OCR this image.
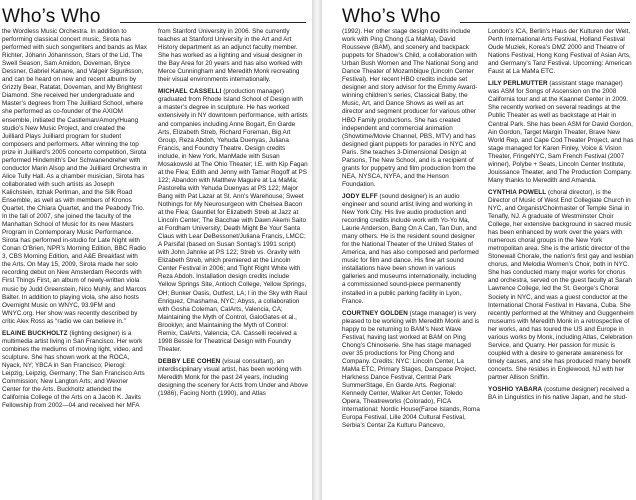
Who’s Who

the Wordless Music Orchestra. In addition to performing classical concert music, Sirota has performed with such songwriters and bands as Max Richter, Jóhann Jóhannsson, Stars of the Lid, The Swell Season, Sam Amidon, Doveman, Bryce Dessner, Gabriel Kahane, and Valgeir Sigurðsson, and can be heard on new and recent albums by Grizzly Bear, Ratatat, Doveman, and My Brightest Diamond. She received her undergraduate and Master’s degrees from The Juilliard School, where she performed as co-founder of the AXIOM ensemble, initiated the Castleman/Amory/Huang studio’s New Music Project, and created the Juilliard Plays Juilliard program for student composers and performers. After winning the top prize in Juilliard’s 2005 concerto competition, Sirota performed Hindemith’s Der Schwanendreher with conductor Marin Alsop and the Juilliard Orchestra in Alice Tully Hall. As a chamber musician, Sirota has collaborated with such artists as Joseph Kalichstein, Itzhak Perlman, and the Silk Road Ensemble, as well as with members of Kronos Quartet, the Chiara Quartet, and the Peabody Trio. In the fall of 2007, she joined the faculty of the Manhattan School of Music for its new Masters Program in Contemporary Music Performance. Sirota has performed in-studio for Late Night with Conan O’Brien, NPR’s Morning Edition, BBC Radio 3, CBS Morning Edition, and A&E Breakfast with the Arts. On May 15, 2009, Sirota made her solo recording debut on New Amsterdam Records with First Things First, an album of newly-written viola music by Judd Greenstein, Nico Muhly, and Marcos Balter. In addition to playing viola, she also hosts Overnight Music on WNYC, 93.9FM and WNYC.org. Her show was recently described by critic Alex Ross as “radio we can believe in.”

ELAINE BUCKHOLTZ (lighting designer) is a multimedia artist living in San Francisco. Her work combines the mediums of moving light, video, and sculpture. She has shown work at the ROCA, Nyack, NY; YBCA in San Francisco; Pierogi: Leipzig, Leipzig, Germany; The San Francisco Arts Commission; New Langton Arts; and Wexner Center for the Arts. Buckholtz attended the California College of the Arts on a Jacob K. Javits Fellowship from 2002—04 and received her MFA

from Stanford University in 2006. She currently teaches at Stanford University in the Art and Art History department as an adjunct faculty member. She has worked as a lighting and visual designer in the Bay Area for 20 years and has also worked with Merce Cunningham and Meredith Monk recreating their visual environments internationally.

MICHAEL CASSELLI (production manager) graduated from Rhode Island School of Design with a master’s degree in sculpture. He has worked extensively in NY downtown performance, with artists and companies including Anne Bogart, En Garde Arts, Elizabeth Streb, Richard Foreman, Big Art Group, Reza Abdoh, Yehuda Duenyas, Juliana Francis, and Foundry Theatre. Design credits include, in New York, ManMade with Susan Mosakowski at The Ohio Theater; I.E. with Kip Fagan at the Flea; Edith and Jenny with Tamar Rogoff at PS 122; Abandon with Matthew Maguire at La MaMa; Pastorella with Yehuda Duenyas at PS 122; Major Bang with Pat Lazar at St. Ann’s Warehouse; Sweet Nothings for My Neurosurgeon with Chelsea Bacon at the Flea; Gauntlet for Elizabeth Streb at Jazz at Lincoln Center; The Bacchae with Dawn Akemi Saito at Fordham University; Death Might Be Your Santa Claus with Lear DeBessonet/Juliana Francis, LMCC; A Parsifal (based on Susan Sontag’s 1991 script) with John Jahnke at PS 122; Streb vs. Gravity with Elizabeth Streb, which premiered at the Lincoln Center Festival in 2006; and Tight Right White with Reza Abdoh. Installation design credits include Yellow Springs Site, Antioch College, Yellow Springs, OH; Bunker Oasis, Outfest, LA; I in the Sky with Raul Enriquez, Chashama, NYC; Abyss, a collaboration with Gosha Coleman, CalArts, Valencia, CA; Maintaining the Myth of Control, GaloGates et al., Brooklyn; and Maintaining the Myth of Control: Remix, CalArts, Valencia, CA. Casselli received a 1998 Bessie for Theatrical Design with Foundry Theater.

DEBBY LEE COHEN (visual consultant), an interdisciplinary visual artist, has been working with Meredith Monk for the past 24 years, including designing the scenery for Acts from Under and Above (1986), Facing North (1990), and Atlas

Who’s Who

(1992). Her other stage design credits include work with Ping Chong (La MaMa), David Rousseve (BAM), and scenery and backpack puppets for Shadow’s Child, a collaboration with Urban Bush Women and The National Song and Dance Theater of Mozambique (Lincoln Center Festival). Her recent HBO credits include set designer and story advisor for the Emmy Award-winning children’s series, Classical Baby, the Music, Art, and Dance Shows as well as art director and segment producer for various other HBO Family productions. She has created independent and commercial animation (Showtime/Movie Channel, PBS, MTV) and has designed giant puppets for parades in NYC and Paris. She teaches 3-Dimensional Design at Parsons, The New School, and is a recipient of grants for puppetry and film production from the NEA, NYSCA, NYFA, and the Henson Foundation.

JODY ELFF (sound designer) is an audio engineer and sound artist living and working in New York City. His live audio production and recording credits include work with Yo-Yo Ma, Laurie Anderson, Bang On A Can, Tan Dun, and many others. He is the resident sound designer for the National Theater of the United States of America, and has also composed and performed music for film and dance. His fine art sound installations have been shown in various galleries and museums internationally, including a commissioned sound-piece permanently installed in a public parking facility in Lyon, France.

COURTNEY GOLDEN (stage manager) is very pleased to be working with Meredith Monk and is happy to be returning to BAM’s Next Wave Festival, having last worked at BAM on Ping Chong’s Chinoiserie. She has stage managed over 35 productions for Ping Chong and Company. Credits: NYC: Lincoln Center, La MaMa ETC, Primary Stages, Danspace Project, Harkness Dance Festival, Central Park SummerStage, En Garde Arts. Regional: Kennedy Center, Walker Art Center, Toledo Opera, Theatreworks (Colorado), FICA International: Nordic House(Faroe Islands, Roma Europa Festival, Lille 2004 Cultural Festival, Serbia’s Centar Za Kulturu Pancevo,

London’s ICA, Berlin’s Haus der Kulturen der Welt, Perth International Arts Festival, Holland Festival Oude Muziek, Korea’s DMZ 2000 and Theatre of Nations Festival, Hong Kong Festival of Asian Arts, and Germany’s Tanz Festival. Upcoming: American Faust at La MaMa ETC.

LILY PERLMUTTER (assistant stage manager) was ASM for Songs of Ascension on the 2008 California tour and at the Kaannet Center in 2009. She recently worked on several readings at the Public Theater as well as backstage at Hair in Central Park. She has been ASM for David Gordon, Ain Gordon, Target Margin Theater, Brave New World Rep, and Cape Cod Theater Project, and has stage managed for Karen Finley, Voice & Vision Theater, FringeNYC, Sam French Festival (2007 winner), Polybe + Seats, Lincoln Center Institute, Jouissance Theater, and The Production Company. Many thanks to Meredith and Amanda.

CYNTHIA POWELL (choral director), is the Director of Music of West End Collegiate Church in NYC, and Organist/Choirmaster of Temple Sinai in Tenafly, NJ. A graduate of Westminster Choir College, her extensive background in sacred music has been enhanced by work over the years with numerous choral groups in the New York metropolitan area. She is the artistic director of the Stonewall Chorale, the nation’s first gay and lesbian chorus, and Melodia Women’s Choir, both in NYC. She has conducted many major works for chorus and orchestra, served on the guest faculty at Sarah Lawrence College, led the St. George’s Choral Society in NYC, and was a guest conductor at the International Choral Festival in Havana, Cuba. She recently performed at the Whitney and Guggenheim museums with Meredith Monk in a retrospective of her works, and has toured the US and Europe in various works by Monk, including Atlas, Celebration Service, and Quarry. Her passion for music is coupled with a desire to generate awareness for timely causes, and she has produced many benefit concerts. She resides in Englewood, NJ with her partner Allison Sniffin.

YOSHIO YABARA (costume designer) received a BA in Linguistics in his native Japan, and he stud-
